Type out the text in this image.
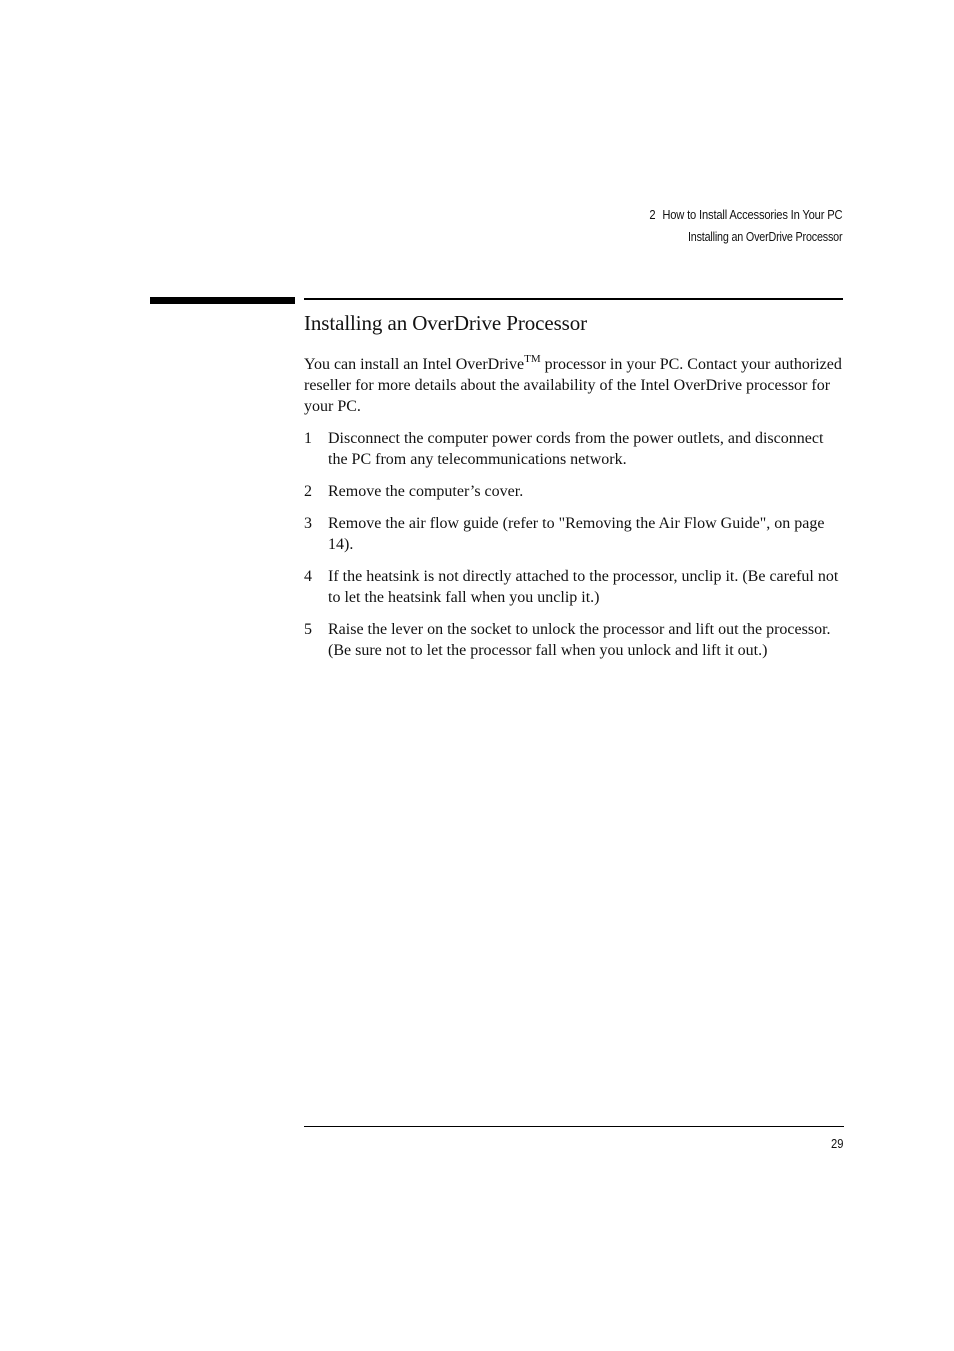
2 How to Install Accessories In Your PC
Installing an OverDrive Processor
Installing an OverDrive Processor

You can install an Intel OverDrive™ processor in your PC. Contact your authorized reseller for more details about the availability of the Intel OverDrive processor for your PC.

1	Disconnect the computer power cords from the power outlets, and disconnect the PC from any telecommunications network.
2	Remove the computer’s cover.
3	Remove the air flow guide (refer to "Removing the Air Flow Guide", on page 14).
4	If the heatsink is not directly attached to the processor, unclip it. (Be careful not to let the heatsink fall when you unclip it.)
5	Raise the lever on the socket to unlock the processor and lift out the processor. (Be sure not to let the processor fall when you unlock and lift it out.)
29
